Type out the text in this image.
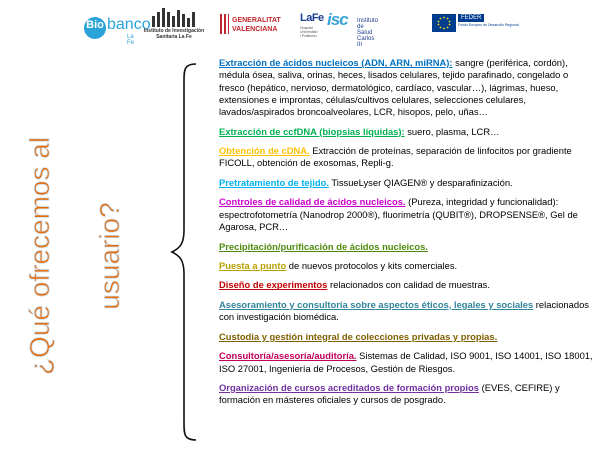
Bio banco
La Fe
Instituto de Investigación
Sanitaria La Fe
GENERALITAT
VALENCIANA
LaFe
Hospital
Universitari
i Politècnic
isc Instituto de Salud Carlos III
FEDER
Fondo Europeo de Desarrollo Regional
¿Qué ofrecemos al usuario?

Extracción de ácidos nucleicos (ADN, ARN, miRNA): sangre (periférica, cordón), médula ósea, saliva, orinas, heces, lisados celulares, tejido parafinado, congelado o fresco (hepático, nervioso, dermatológico, cardíaco, vascular…), lágrimas, hueso, extensiones e improntas, células/cultivos celulares, selecciones celulares, lavados/aspirados broncoalveolares, LCR, hisopos, pelo, uñas…

Extracción de ccfDNA (biopsias líquidas): suero, plasma, LCR…

Obtención de cDNA. Extracción de proteínas, separación de linfocitos por gradiente FICOLL, obtención de exosomas, Repli-g.

Pretratamiento de tejido. TissueLyser QIAGEN® y desparafinización.

Controles de calidad de ácidos nucleicos. (Pureza, integridad y funcionalidad): espectrofotometría (Nanodrop 2000®), fluorimetría (QUBIT®), DROPSENSE®, Gel de Agarosa, PCR…

Precipitación/purificación de ácidos nucleicos.

Puesta a punto de nuevos protocolos y kits comerciales.

Diseño de experimentos relacionados con calidad de muestras.

Asesoramiento y consultoría sobre aspectos éticos, legales y sociales relacionados con investigación biomédica.

Custodia y gestión integral de colecciones privadas y propias.

Consultoría/asesoría/auditoría. Sistemas de Calidad, ISO 9001, ISO 14001, ISO 18001, ISO 27001, Ingeniería de Procesos, Gestión de Riesgos.

Organización de cursos acreditados de formación propios (EVES, CEFIRE) y formación en másteres oficiales y cursos de posgrado.
